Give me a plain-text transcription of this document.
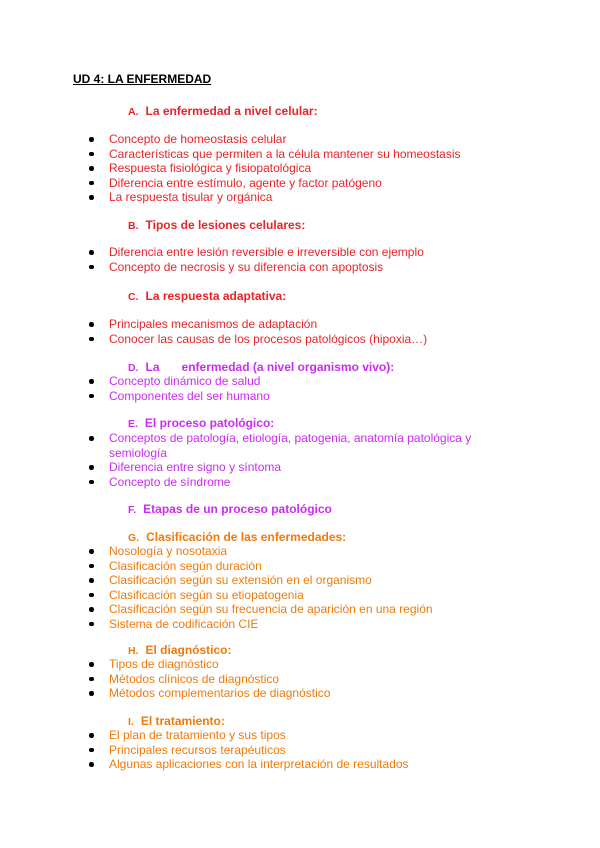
UD 4: LA ENFERMEDAD
A. La enfermedad a nivel celular:
Concepto de homeostasis celular
Características que permiten a la célula mantener su homeostasis
Respuesta fisiológica y fisiopatológica
Diferencia entre estímulo, agente y factor patógeno
La respuesta tisular y orgánica
B. Tipos de lesiones celulares:
Diferencia entre lesión reversible e irreversible con ejemplo
Concepto de necrosis y su diferencia con apoptosis
C. La respuesta adaptativa:
Principales mecanismos de adaptación
Conocer las causas de los procesos patológicos (hipoxia…)
D. La enfermedad (a nivel organismo vivo):
Concepto dinámico de salud
Componentes del ser humano
E. El proceso patológico:
Conceptos de patología, etiología, patogenia, anatomía patológica y semiología
Diferencia entre signo y síntoma
Concepto de síndrome
F. Etapas de un proceso patológico
G. Clasificación de las enfermedades:
Nosología y nosotaxia
Clasificación según duración
Clasificación según su extensión en el organismo
Clasificación según su etiopatogenia
Clasificación según su frecuencia de aparición en una región
Sistema de codificación CIE
H. El diagnóstico:
Tipos de diagnóstico
Métodos clínicos de diagnóstico
Métodos complementarios de diagnóstico
I. El tratamiento:
El plan de tratamiento y sus tipos
Principales recursos terapéuticos
Algunas aplicaciones con la interpretación de resultados
